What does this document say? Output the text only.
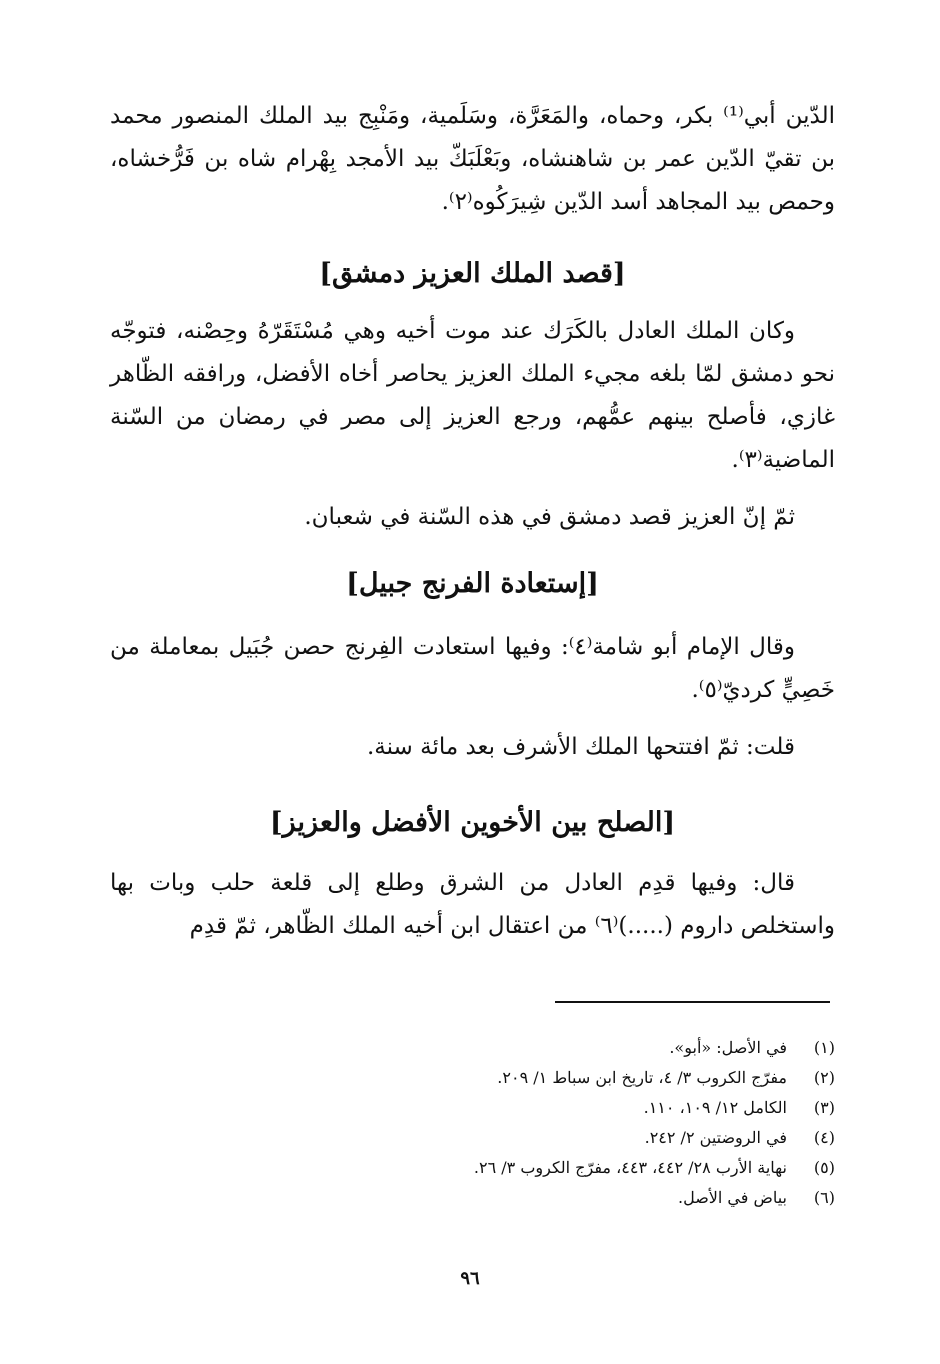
الدّين أبي⁽¹⁾ بكر، وحماه، والمَعَرَّة، وسَلَمية، ومَنْبِج بيد الملك المنصور محمد بن تقيّ الدّين عمر بن شاهنشاه، وبَعْلَبَكّ بيد الأمجد بِهْرام شاه بن فَرُّخشاه، وحمص بيد المجاهد أسد الدّين شِيرَكُوه⁽٢⁾.

[قصد الملك العزيز دمشق]

وكان الملك العادل بالكَرَك عند موت أخيه وهي مُسْتَقَرّهُ وحِصْنه، فتوجّه نحو دمشق لمّا بلغه مجيء الملك العزيز يحاصر أخاه الأفضل، ورافقه الظّاهر غازي، فأصلح بينهم عمُّهم، ورجع العزيز إلى مصر في رمضان من السّنة الماضية⁽٣⁾.

ثمّ إنّ العزيز قصد دمشق في هذه السّنة في شعبان.

[إستعادة الفرنج جبيل]

وقال الإمام أبو شامة⁽٤⁾: وفيها استعادت الفِرنج حصن جُبَيل بمعاملة من خَصِيٍّ كرديّ⁽٥⁾.

قلت: ثمّ افتتحها الملك الأشرف بعد مائة سنة.

[الصلح بين الأخوين الأفضل والعزيز]

قال: وفيها قدِم العادل من الشرق وطلع إلى قلعة حلب وبات بها واستخلص داروم (.....)⁽٦⁾ من اعتقال ابن أخيه الملك الظّاهر، ثمّ قدِم

(١)
في الأصل: «أبو».
(٢)
مفرّج الكروب ٣/ ٤، تاريخ ابن سباط ١/ ٢٠٩.
(٣)
الكامل ١٢/ ١٠٩، ١١٠.
(٤)
في الروضتين ٢/ ٢٤٢.
(٥)
نهاية الأرب ٢٨/ ٤٤٢، ٤٤٣، مفرّج الكروب ٣/ ٢٦.
(٦)
بياض في الأصل.
٩٦
